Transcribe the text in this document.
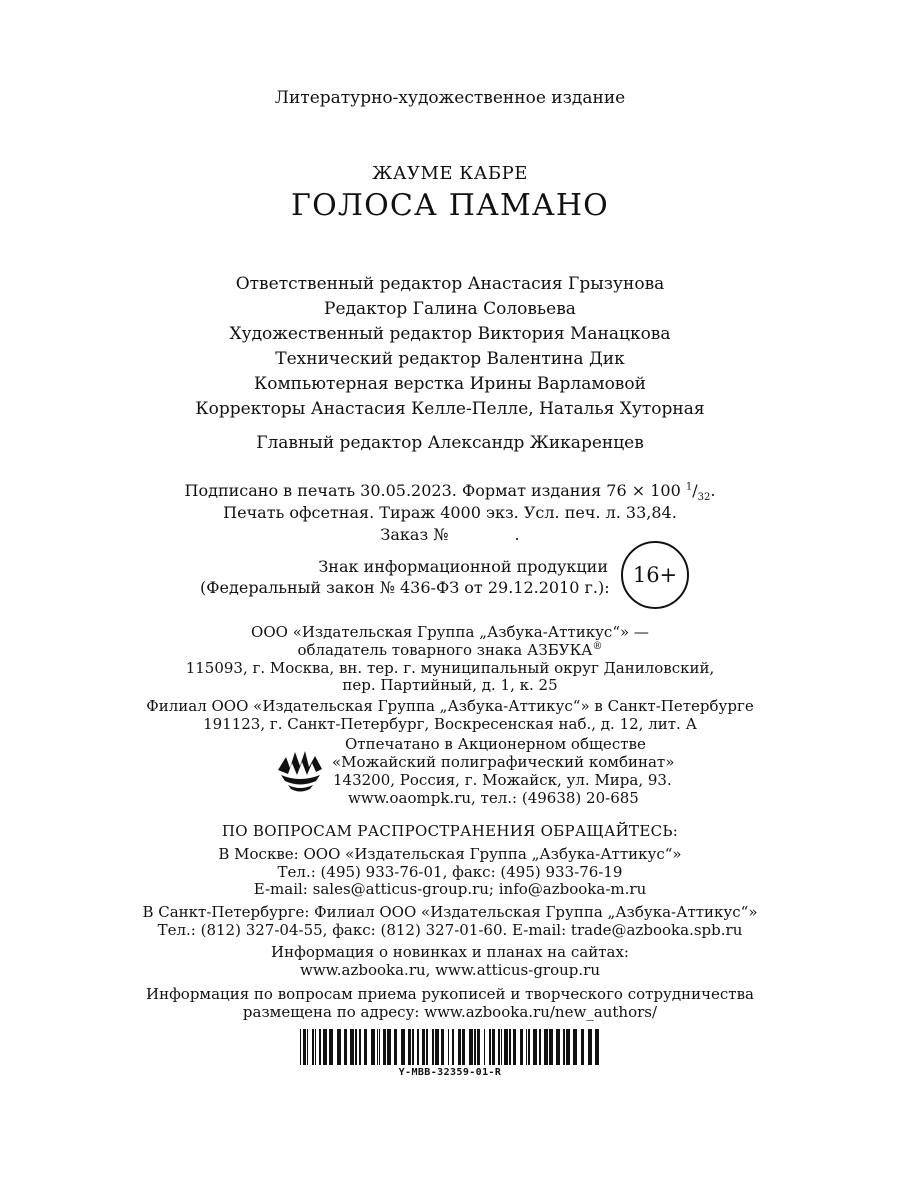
Литературно-художественное издание
ЖАУМЕ КАБРЕ
ГОЛОСА ПАМАНО
Ответственный редактор Анастасия Грызунова
Редактор Галина Соловьева
Художественный редактор Виктория Манацкова
Технический редактор Валентина Дик
Компьютерная верстка Ирины Варламовой
Корректоры Анастасия Келле-Пелле, Наталья Хуторная
Главный редактор Александр Жикаренцев
Подписано в печать 30.05.2023. Формат издания 76 × 100 $^1/_{32}$.
Печать офсетная. Тираж 4000 экз. Усл. печ. л. 33,84.
Заказ №             .
Знак информационной продукции
(Федеральный закон № 436-ФЗ от 29.12.2010 г.):
16+
ООО «Издательская Группа „Азбука-Аттикус“» —
обладатель товарного знака АЗБУКА®
115093, г. Москва, вн. тер. г. муниципальный округ Даниловский,
пер. Партийный, д. 1, к. 25
Филиал ООО «Издательская Группа „Азбука-Аттикус“» в Санкт-Петербурге
191123, г. Санкт-Петербург, Воскресенская наб., д. 12, лит. А
Отпечатано в Акционерном обществе
«Можайский полиграфический комбинат»
143200, Россия, г. Можайск, ул. Мира, 93.
www.oaompk.ru, тел.: (49638) 20-685
ПО ВОПРОСАМ РАСПРОСТРАНЕНИЯ ОБРАЩАЙТЕСЬ:
В Москве: ООО «Издательская Группа „Азбука-Аттикус“»
Тел.: (495) 933-76-01, факс: (495) 933-76-19
E-mail: sales@atticus-group.ru; info@azbooka-m.ru
В Санкт-Петербурге: Филиал ООО «Издательская Группа „Азбука-Аттикус“»
Тел.: (812) 327-04-55, факс: (812) 327-01-60. E-mail: trade@azbooka.spb.ru
Информация о новинках и планах на сайтах:
www.azbooka.ru, www.atticus-group.ru
Информация по вопросам приема рукописей и творческого сотрудничества
размещена по адресу: www.azbooka.ru/new_authors/
Y-MBB-32359-01-R
